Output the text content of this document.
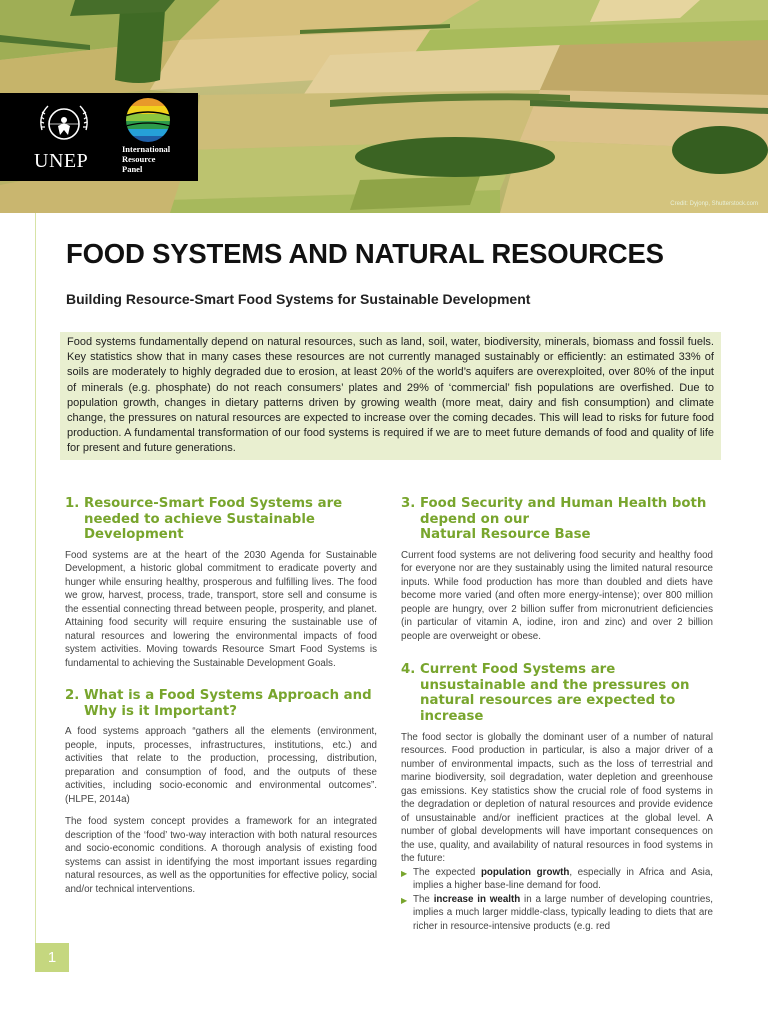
Credit: Dyjonp, Shutterstock.com
UNEP
International
Resource
Panel
FOOD SYSTEMS AND NATURAL RESOURCES
Building Resource-Smart Food Systems for Sustainable Development

Food systems fundamentally depend on natural resources, such as land, soil, water, biodiversity, minerals, biomass and fossil fuels. Key statistics show that in many cases these resources are not currently managed sustainably or efficiently: an estimated 33% of soils are moderately to highly degraded due to erosion, at least 20% of the world’s aquifers are overexploited, over 80% of the input of minerals (e.g. phosphate) do not reach consumers’ plates and 29% of ‘commercial’ fish populations are overfished. Due to population growth, changes in dietary patterns driven by growing wealth (more meat, dairy and fish consumption) and climate change, the pressures on natural resources are expected to increase over the coming decades. This will lead to risks for future food production. A fundamental transformation of our food systems is required if we are to meet future demands of food and quality of life for present and future generations.

1. Resource-Smart Food Systems are needed to achieve Sustainable Development

Food systems are at the heart of the 2030 Agenda for Sustainable Development, a historic global commitment to eradicate poverty and hunger while ensuring healthy, prosperous and fulfilling lives. The food we grow, harvest, process, trade, transport, store sell and consume is the essential connecting thread between people, prosperity, and planet. Attaining food security will require ensuring the sustainable use of natural resources and lowering the environmental impacts of food system activities. Moving towards Resource Smart Food Systems is fundamental to achieving the Sustainable Development Goals.

2. What is a Food Systems Approach and Why is it Important?

A food systems approach “gathers all the elements (environment, people, inputs, processes, infrastructures, institutions, etc.) and activities that relate to the production, processing, distribution, preparation and consumption of food, and the outputs of these activities, including socio-economic and environmental outcomes”. (HLPE, 2014a)

The food system concept provides a framework for an integrated description of the ‘food’ two-way interaction with both natural resources and socio-economic conditions. A thorough analysis of existing food systems can assist in identifying the most important issues regarding natural resources, as well as the opportunities for effective policy, social and/or technical interventions.

3. Food Security and Human Health both depend on our
Natural Resource Base

Current food systems are not delivering food security and healthy food for everyone nor are they sustainably using the limited natural resource inputs. While food production has more than doubled and diets have become more varied (and often more energy-intense); over 800 million people are hungry, over 2 billion suffer from micronutrient deficiencies (in particular of vitamin A, iodine, iron and zinc) and over 2 billion people are overweight or obese.

4. Current Food Systems are unsustainable and the pressures on natural resources are expected to increase

The food sector is globally the dominant user of a number of natural resources. Food production in particular, is also a major driver of a number of environmental impacts, such as the loss of terrestrial and marine biodiversity, soil degradation, water depletion and greenhouse gas emissions. Key statistics show the crucial role of food systems in the degradation or depletion of natural resources and provide evidence of unsustainable and/or inefficient practices at the global level. A number of global developments will have important consequences on the use, quality, and availability of natural resources in food systems in the future:

▶ The expected population growth, especially in Africa and Asia, implies a higher base-line demand for food.
▶ The increase in wealth in a large number of developing countries, implies a much larger middle-class, typically leading to diets that are richer in resource-intensive products (e.g. red
1
